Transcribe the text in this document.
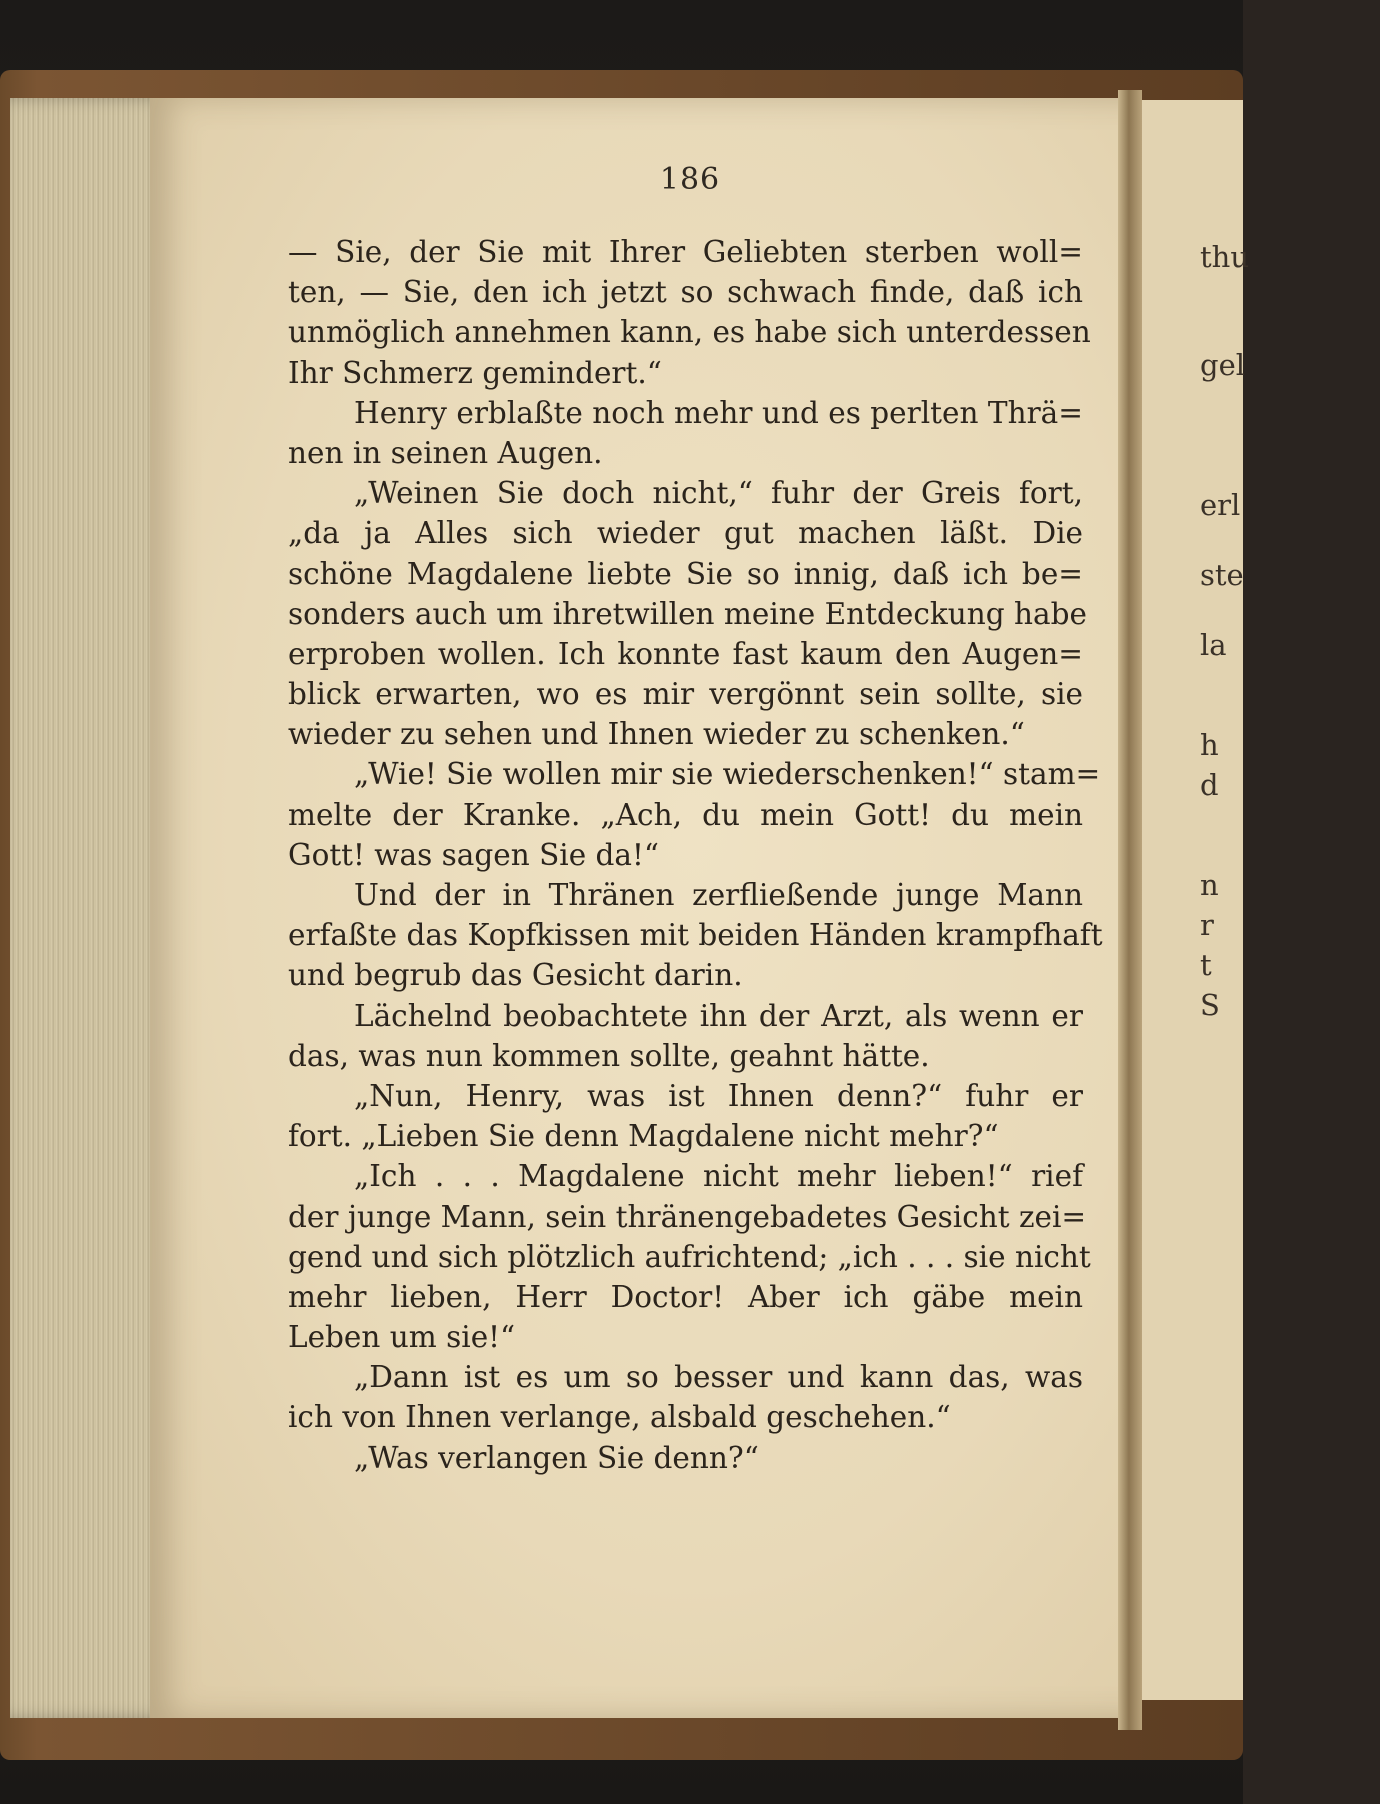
thu
gel
erl
ste
la
h
d
n
r
t
S
186
— Sie, der Sie mit Ihrer Geliebten sterben woll=
ten, — Sie, den ich jetzt so schwach finde, daß ich
unmöglich annehmen kann, es habe sich unterdessen
Ihr Schmerz gemindert.“
Henry erblaßte noch mehr und es perlten Thrä=
nen in seinen Augen.
„Weinen Sie doch nicht,“ fuhr der Greis fort,
„da ja Alles sich wieder gut machen läßt. Die
schöne Magdalene liebte Sie so innig, daß ich be=
sonders auch um ihretwillen meine Entdeckung habe
erproben wollen. Ich konnte fast kaum den Augen=
blick erwarten, wo es mir vergönnt sein sollte, sie
wieder zu sehen und Ihnen wieder zu schenken.“
„Wie! Sie wollen mir sie wiederschenken!“ stam=
melte der Kranke. „Ach, du mein Gott! du mein
Gott! was sagen Sie da!“
Und der in Thränen zerfließende junge Mann
erfaßte das Kopfkissen mit beiden Händen krampfhaft
und begrub das Gesicht darin.
Lächelnd beobachtete ihn der Arzt, als wenn er
das, was nun kommen sollte, geahnt hätte.
„Nun, Henry, was ist Ihnen denn?“ fuhr er
fort. „Lieben Sie denn Magdalene nicht mehr?“
„Ich . . . Magdalene nicht mehr lieben!“ rief
der junge Mann, sein thränengebadetes Gesicht zei=
gend und sich plötzlich aufrichtend; „ich . . . sie nicht
mehr lieben, Herr Doctor! Aber ich gäbe mein
Leben um sie!“
„Dann ist es um so besser und kann das, was
ich von Ihnen verlange, alsbald geschehen.“
„Was verlangen Sie denn?“
